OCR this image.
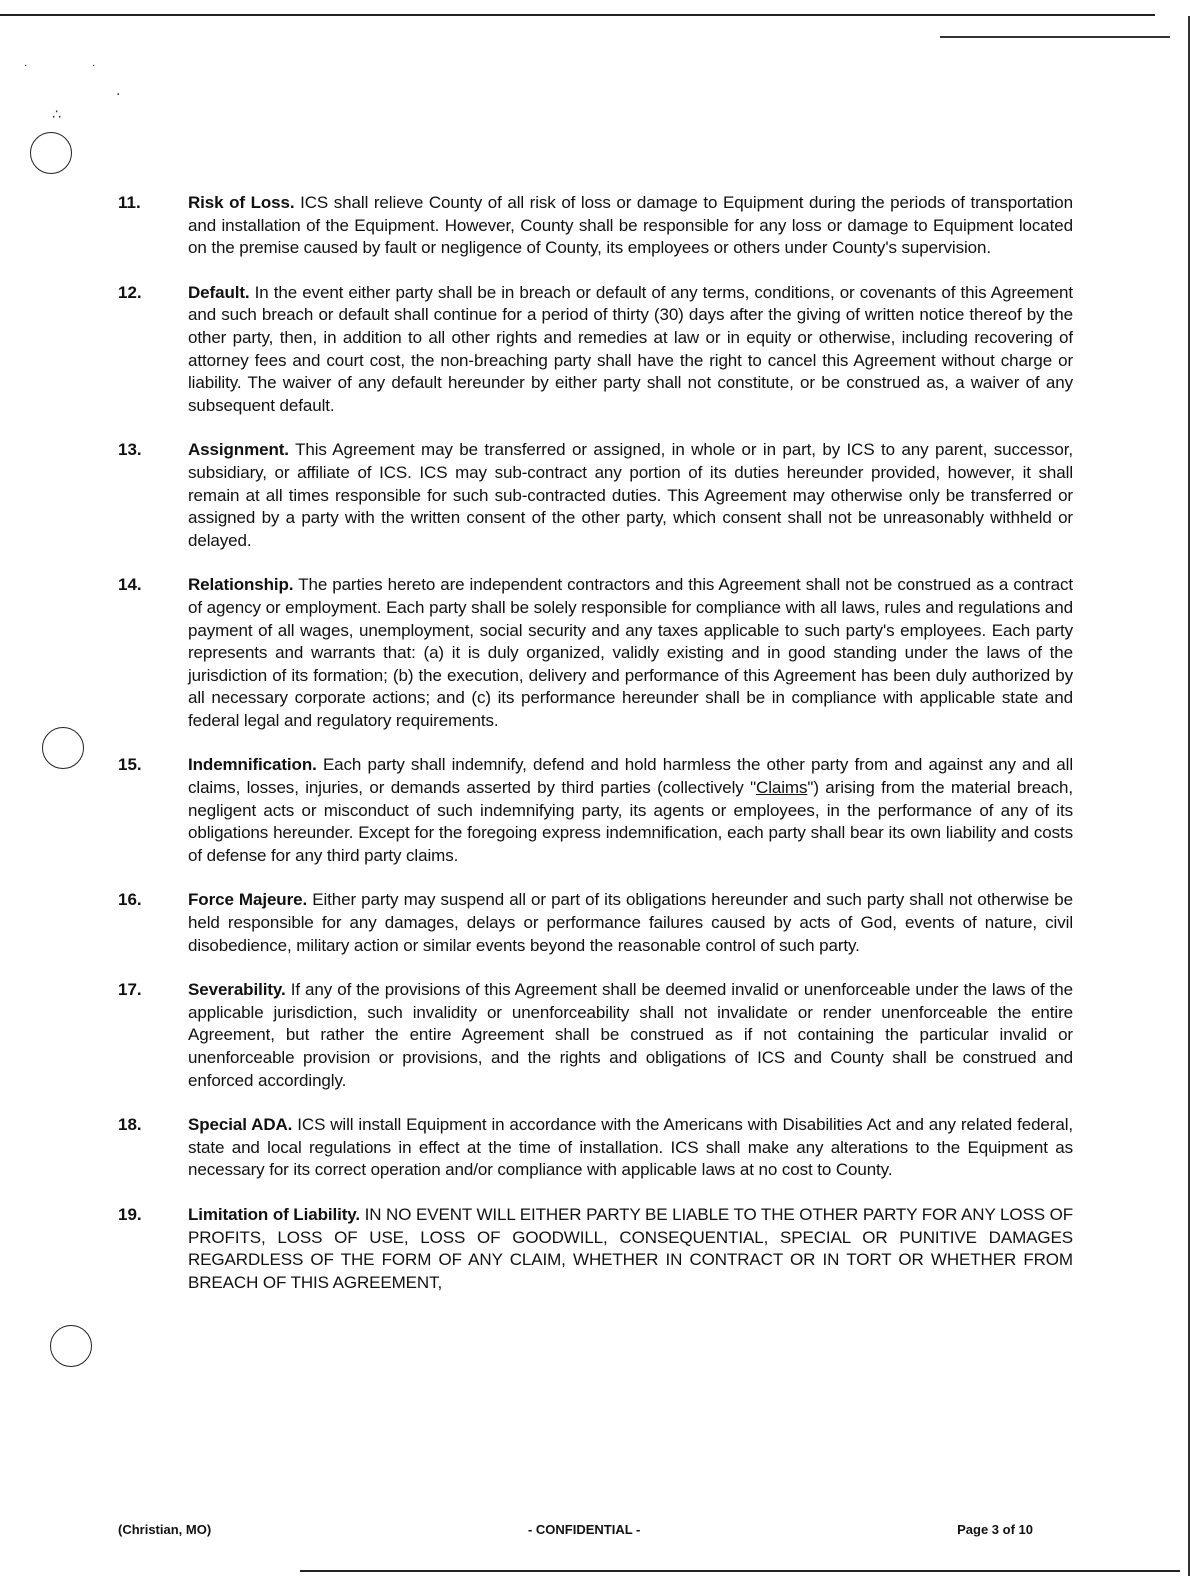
˙	˙
⋅
∴
11.	Risk of Loss. ICS shall relieve County of all risk of loss or damage to Equipment during the periods of transportation and installation of the Equipment. However, County shall be responsible for any loss or damage to Equipment located on the premise caused by fault or negligence of County, its employees or others under County's supervision.
12.	Default. In the event either party shall be in breach or default of any terms, conditions, or covenants of this Agreement and such breach or default shall continue for a period of thirty (30) days after the giving of written notice thereof by the other party, then, in addition to all other rights and remedies at law or in equity or otherwise, including recovering of attorney fees and court cost, the non-breaching party shall have the right to cancel this Agreement without charge or liability. The waiver of any default hereunder by either party shall not constitute, or be construed as, a waiver of any subsequent default.
13.	Assignment. This Agreement may be transferred or assigned, in whole or in part, by ICS to any parent, successor, subsidiary, or affiliate of ICS. ICS may sub-contract any portion of its duties hereunder provided, however, it shall remain at all times responsible for such sub-contracted duties. This Agreement may otherwise only be transferred or assigned by a party with the written consent of the other party, which consent shall not be unreasonably withheld or delayed.
14.	Relationship. The parties hereto are independent contractors and this Agreement shall not be construed as a contract of agency or employment. Each party shall be solely responsible for compliance with all laws, rules and regulations and payment of all wages, unemployment, social security and any taxes applicable to such party's employees. Each party represents and warrants that: (a) it is duly organized, validly existing and in good standing under the laws of the jurisdiction of its formation; (b) the execution, delivery and performance of this Agreement has been duly authorized by all necessary corporate actions; and (c) its performance hereunder shall be in compliance with applicable state and federal legal and regulatory requirements.
15.	Indemnification. Each party shall indemnify, defend and hold harmless the other party from and against any and all claims, losses, injuries, or demands asserted by third parties (collectively "Claims") arising from the material breach, negligent acts or misconduct of such indemnifying party, its agents or employees, in the performance of any of its obligations hereunder. Except for the foregoing express indemnification, each party shall bear its own liability and costs of defense for any third party claims.
16.	Force Majeure. Either party may suspend all or part of its obligations hereunder and such party shall not otherwise be held responsible for any damages, delays or performance failures caused by acts of God, events of nature, civil disobedience, military action or similar events beyond the reasonable control of such party.
17.	Severability. If any of the provisions of this Agreement shall be deemed invalid or unenforceable under the laws of the applicable jurisdiction, such invalidity or unenforceability shall not invalidate or render unenforceable the entire Agreement, but rather the entire Agreement shall be construed as if not containing the particular invalid or unenforceable provision or provisions, and the rights and obligations of ICS and County shall be construed and enforced accordingly.
18.	Special ADA. ICS will install Equipment in accordance with the Americans with Disabilities Act and any related federal, state and local regulations in effect at the time of installation. ICS shall make any alterations to the Equipment as necessary for its correct operation and/or compliance with applicable laws at no cost to County.
19.	Limitation of Liability. IN NO EVENT WILL EITHER PARTY BE LIABLE TO THE OTHER PARTY FOR ANY LOSS OF PROFITS, LOSS OF USE, LOSS OF GOODWILL, CONSEQUENTIAL, SPECIAL OR PUNITIVE DAMAGES REGARDLESS OF THE FORM OF ANY CLAIM, WHETHER IN CONTRACT OR IN TORT OR WHETHER FROM BREACH OF THIS AGREEMENT,
(Christian, MO)	- CONFIDENTIAL -	Page 3 of 10
